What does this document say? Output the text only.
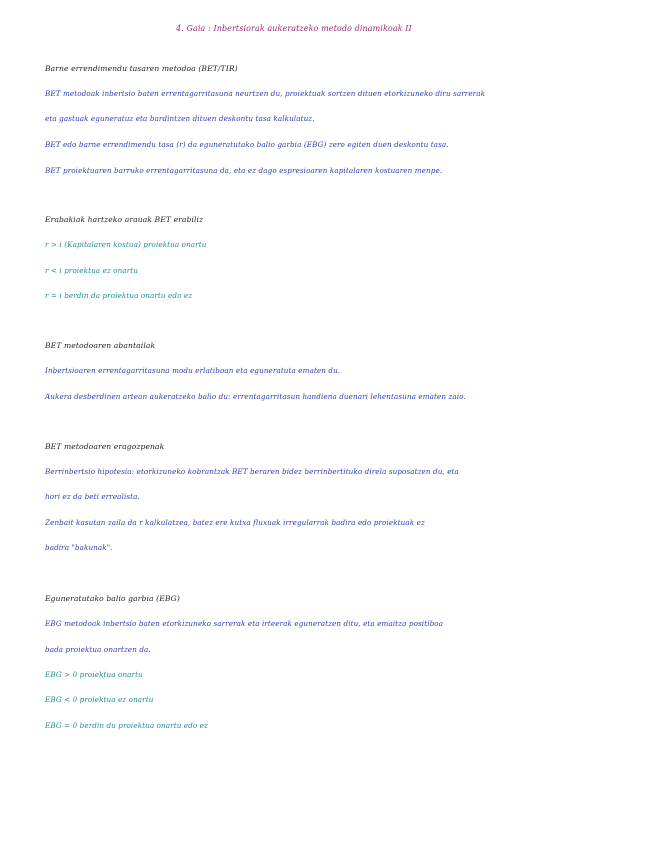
4. Gaia : Inbertsiorak aukeratzeko metodo dinamikoak II
Barne errendimendu tasaren metodoa (BET/TIR)
BET metodoak inbertsio baten errentagarritasuna neurtzen du, proiektuak sortzen dituen etorkizuneko diru sarrerak
eta gastuak eguneratuz eta bardintzen dituen deskontu tasa kalkulatuz.
BET edo barne errendimendu tasa (r) da eguneratutako balio garbia (EBG) zero egiten duen deskontu tasa.
BET proiektuaren barruko errentagarritasuna da, eta ez dago espresioaren kapitalaren kostuaren menpe.
Erabakiak hartzeko arauak BET erabiliz
r > i (Kapitalaren kostua) proiektua onartu
r < i proiektua ez onartu
r = i berdin da proiektua onartu edo ez
BET metodoaren abantailak
Inbertsioaren errentagarritasuna modu erlatiboan eta eguneratuta ematen du.
Aukera desberdinen artean aukeratzeko balio du: errentagarritasun handiena duenari lehentasuna ematen zaio.
BET metodoaren eragozpenak
Berrinbertsio hipotesia: etorkizuneko kobrantzak BET beraren bidez berrinbertituko direla suposatzen du, eta
hori ez da beti errealista.
Zenbait kasutan zaila da r kalkulatzea, batez ere kutxa fluxuak irregularrak badira edo proiektuak ez
badira "bakunak".
Eguneratutako balio garbia (EBG)
EBG metodoak inbertsio baten etorkizuneko sarrerak eta irteerak eguneratzen ditu, eta emaitza positiboa
bada proiektua onartzen da.
EBG > 0 proiektua onartu
EBG < 0 proiektua ez onartu
EBG = 0 berdin du proiektua onartu edo ez
